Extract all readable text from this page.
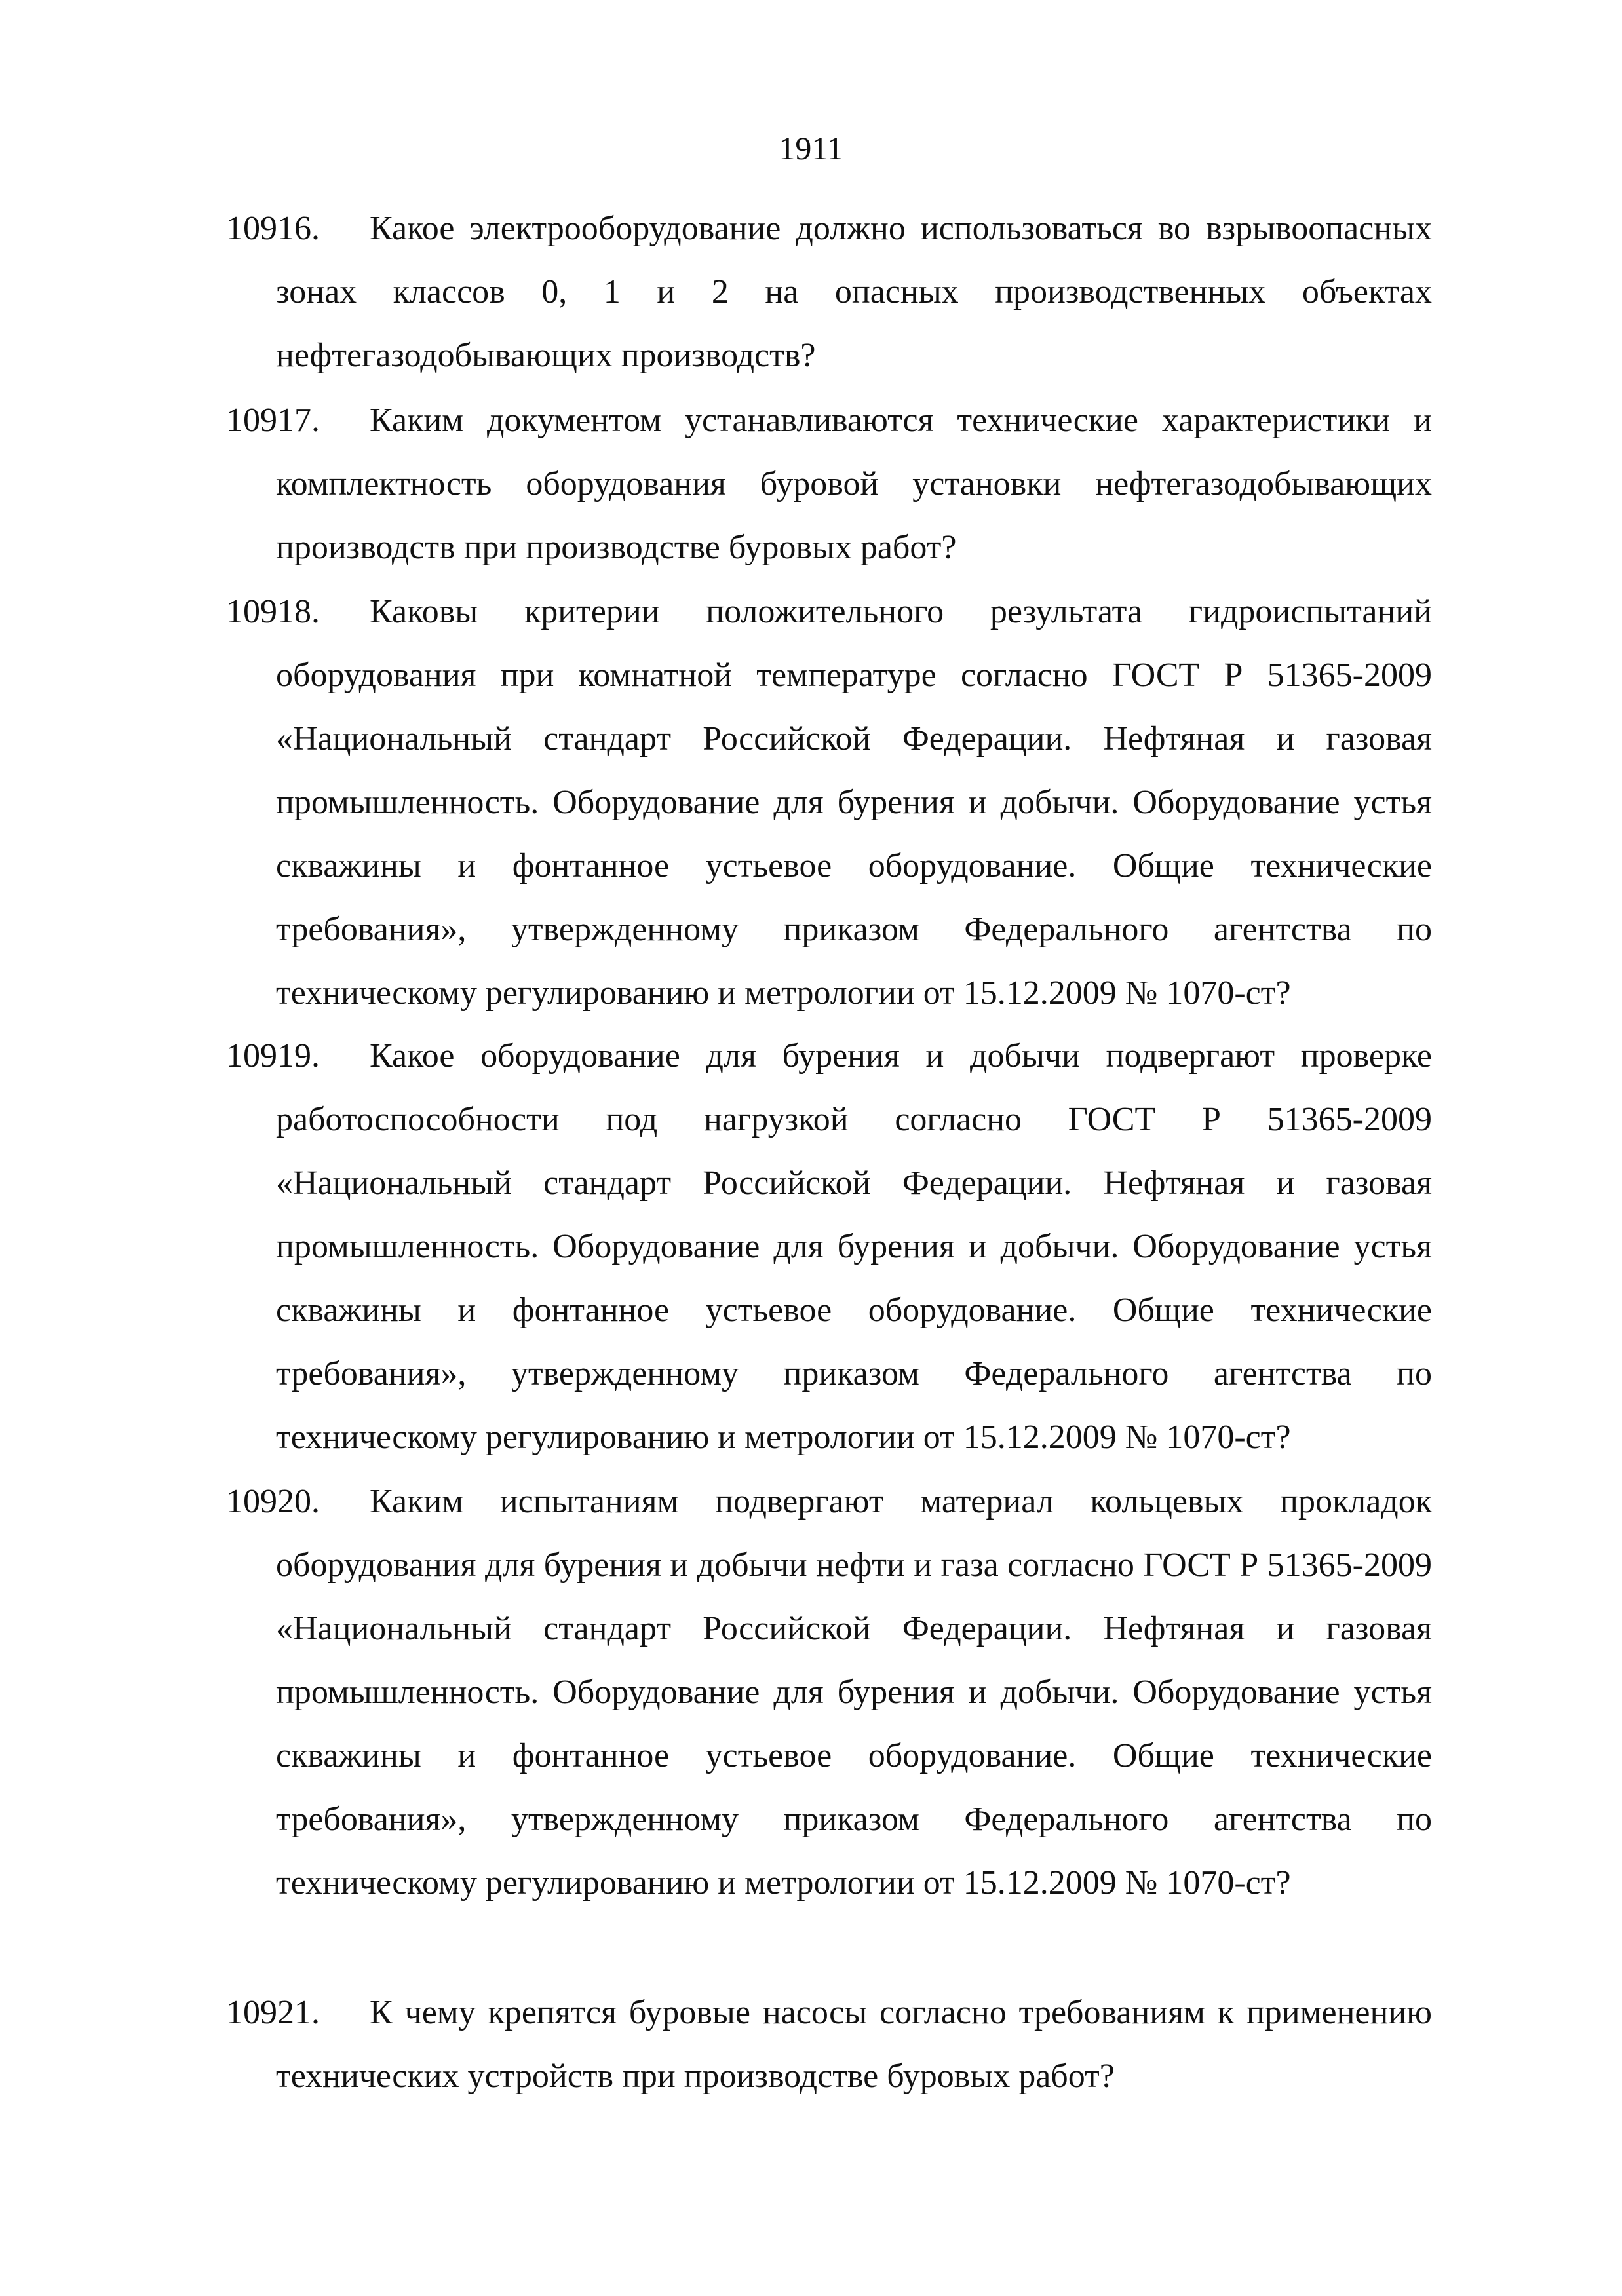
1911
10916.	Какое электрооборудование должно использоваться во взрывоопасных зонах классов 0, 1 и 2 на опасных производственных объектах нефтегазодобывающих производств?
10917.	Каким документом устанавливаются технические характеристики и комплектность оборудования буровой установки нефтегазодобывающих производств при производстве буровых работ?
10918.	Каковы критерии положительного результата гидроиспытаний оборудования при комнатной температуре согласно ГОСТ Р 51365-2009 «Национальный стандарт Российской Федерации. Нефтяная и газовая промышленность. Оборудование для бурения и добычи. Оборудование устья скважины и фонтанное устьевое оборудование. Общие технические требования», утвержденному приказом Федерального агентства по техническому регулированию и метрологии от 15.12.2009 № 1070-ст?
10919.	Какое оборудование для бурения и добычи подвергают проверке работоспособности под нагрузкой согласно ГОСТ Р 51365-2009 «Национальный стандарт Российской Федерации. Нефтяная и газовая промышленность. Оборудование для бурения и добычи. Оборудование устья скважины и фонтанное устьевое оборудование. Общие технические требования», утвержденному приказом Федерального агентства по техническому регулированию и метрологии от 15.12.2009 № 1070-ст?
10920.	Каким испытаниям подвергают материал кольцевых прокладок оборудования для бурения и добычи нефти и газа согласно ГОСТ Р 51365-2009 «Национальный стандарт Российской Федерации. Нефтяная и газовая промышленность. Оборудование для бурения и добычи. Оборудование устья скважины и фонтанное устьевое оборудование. Общие технические требования», утвержденному приказом Федерального агентства по техническому регулированию и метрологии от 15.12.2009 № 1070-ст?
10921.	К чему крепятся буровые насосы согласно требованиям к применению технических устройств при производстве буровых работ?
